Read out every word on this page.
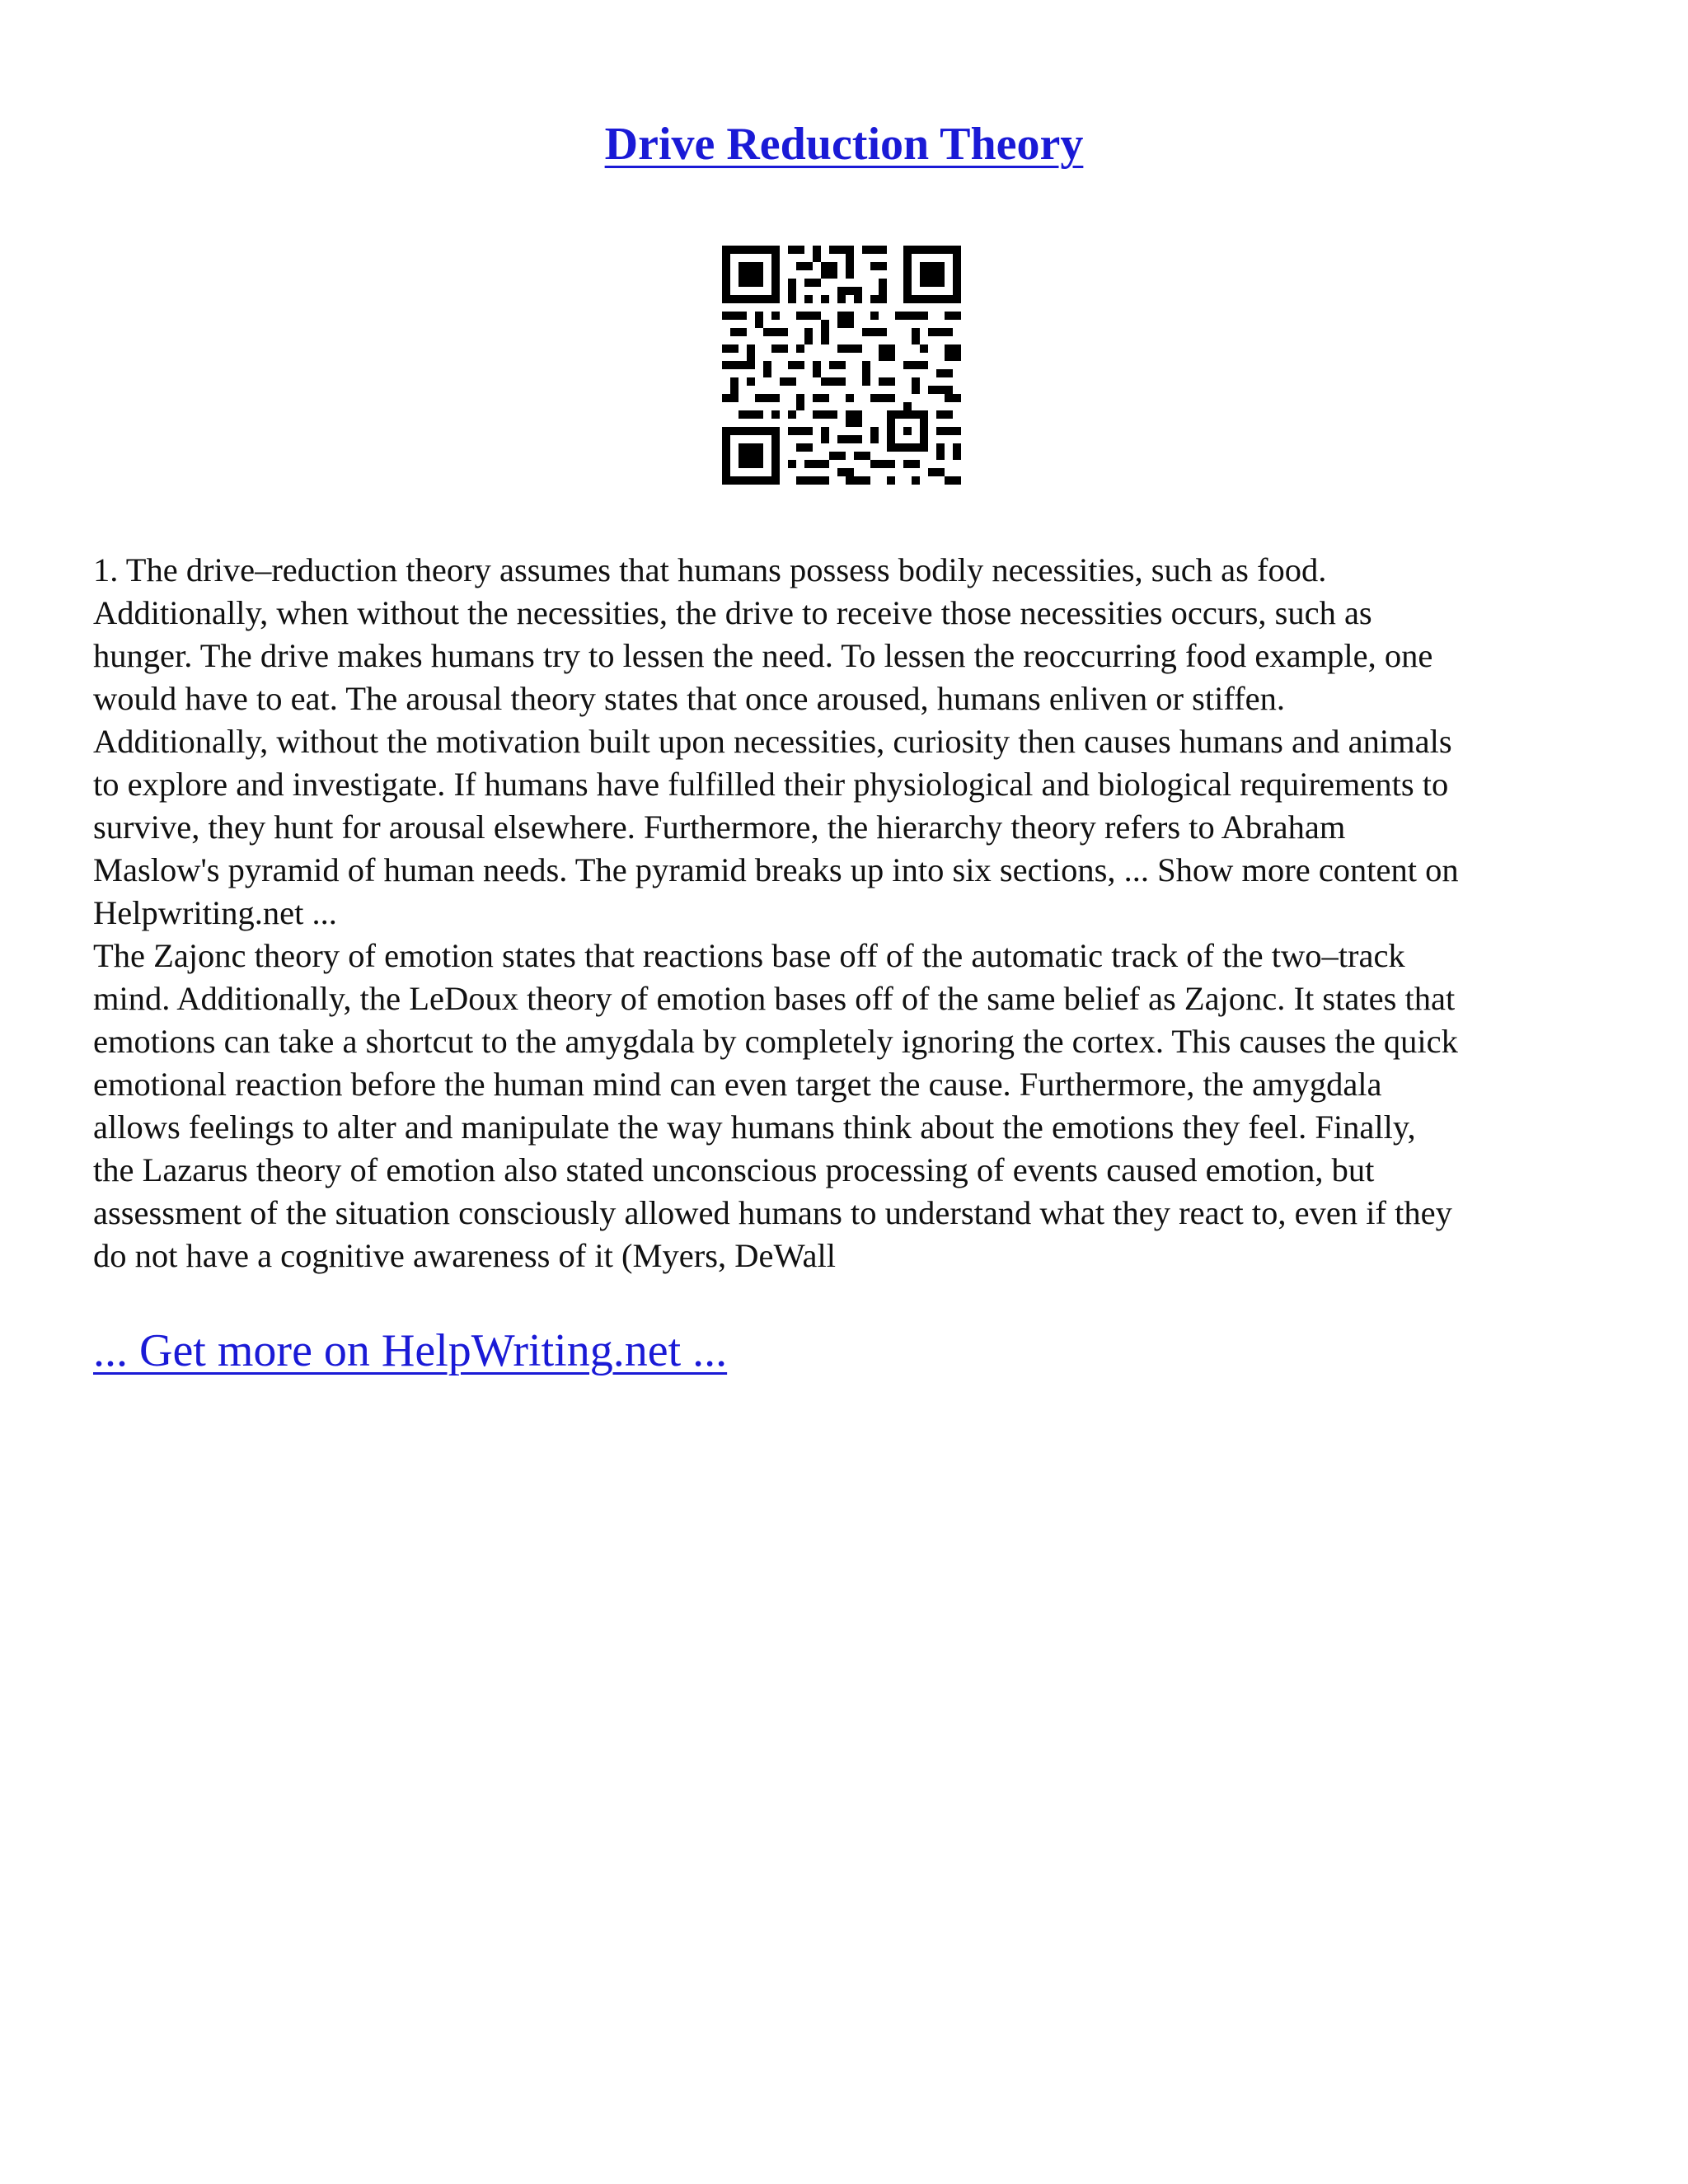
Drive Reduction Theory

1. The drive–reduction theory assumes that humans possess bodily necessities, such as food.
Additionally, when without the necessities, the drive to receive those necessities occurs, such as
hunger. The drive makes humans try to lessen the need. To lessen the reoccurring food example, one
would have to eat. The arousal theory states that once aroused, humans enliven or stiffen.
Additionally, without the motivation built upon necessities, curiosity then causes humans and animals
to explore and investigate. If humans have fulfilled their physiological and biological requirements to
survive, they hunt for arousal elsewhere. Furthermore, the hierarchy theory refers to Abraham
Maslow's pyramid of human needs. The pyramid breaks up into six sections, ... Show more content on
Helpwriting.net ...
The Zajonc theory of emotion states that reactions base off of the automatic track of the two–track
mind. Additionally, the LeDoux theory of emotion bases off of the same belief as Zajonc. It states that
emotions can take a shortcut to the amygdala by completely ignoring the cortex. This causes the quick
emotional reaction before the human mind can even target the cause. Furthermore, the amygdala
allows feelings to alter and manipulate the way humans think about the emotions they feel. Finally,
the Lazarus theory of emotion also stated unconscious processing of events caused emotion, but
assessment of the situation consciously allowed humans to understand what they react to, even if they
do not have a cognitive awareness of it (Myers, DeWall

... Get more on HelpWriting.net ...
